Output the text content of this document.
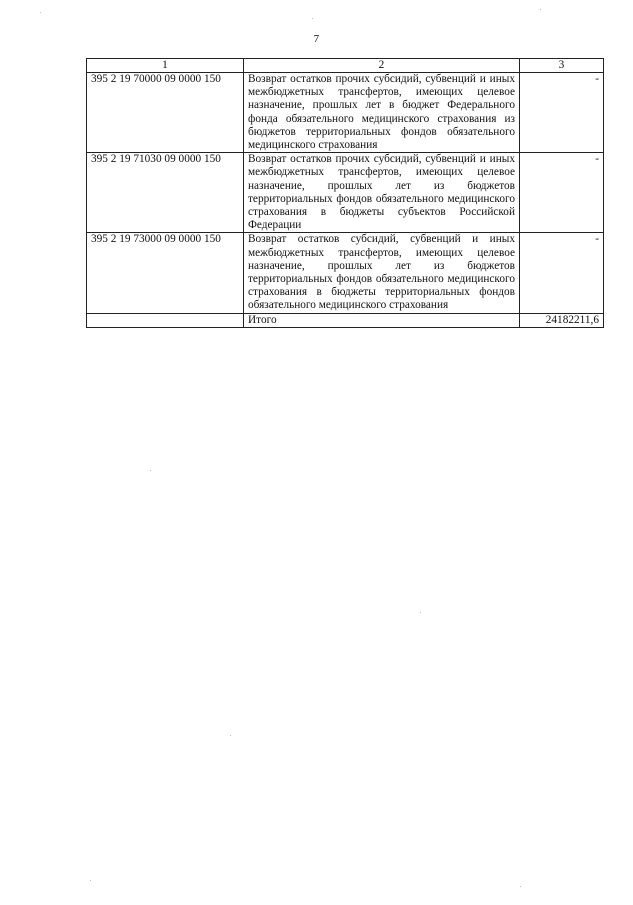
7
1	2	3
395 2 19 70000 09 0000 150	Возврат остатков прочих субсидий, субвенций и иных межбюджетных трансфертов, имеющих целевое назначение, прошлых лет в бюджет Федерального фонда обязательного медицинского страхования из бюджетов территориальных фондов обязательного медицинского страхования	-
395 2 19 71030 09 0000 150	Возврат остатков прочих субсидий, субвенций и иных межбюджетных трансфертов, имеющих целевое назначение, прошлых лет из бюджетов территориальных фондов обязательного медицинского страхования в бюджеты субъектов Российской Федерации	-
395 2 19 73000 09 0000 150	Возврат остатков субсидий, субвенций и иных межбюджетных трансфертов, имеющих целевое назначение, прошлых лет из бюджетов территориальных фондов обязательного медицинского страхования в бюджеты территориальных фондов обязательного медицинского страхования	-
	Итого	24182211,6
